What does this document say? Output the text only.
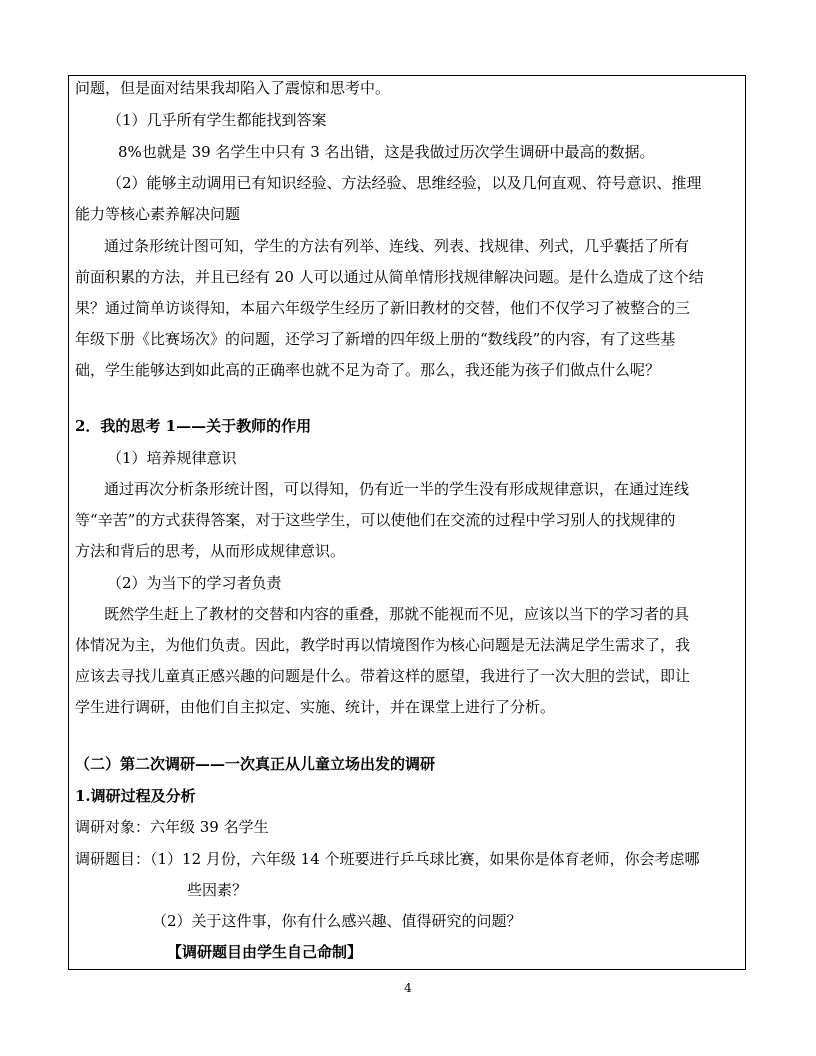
问题，但是面对结果我却陷入了震惊和思考中。
（1）几乎所有学生都能找到答案
8%也就是 39 名学生中只有 3 名出错，这是我做过历次学生调研中最高的数据。
（2）能够主动调用已有知识经验、方法经验、思维经验，以及几何直观、符号意识、推理
能力等核心素养解决问题
通过条形统计图可知，学生的方法有列举、连线、列表、找规律、列式，几乎囊括了所有
前面积累的方法，并且已经有 20 人可以通过从简单情形找规律解决问题。是什么造成了这个结
果？通过简单访谈得知，本届六年级学生经历了新旧教材的交替，他们不仅学习了被整合的三
年级下册《比赛场次》的问题，还学习了新增的四年级上册的“数线段”的内容，有了这些基
础，学生能够达到如此高的正确率也就不足为奇了。那么，我还能为孩子们做点什么呢？
2．我的思考 1——关于教师的作用
（1）培养规律意识
通过再次分析条形统计图，可以得知，仍有近一半的学生没有形成规律意识，在通过连线
等“辛苦”的方式获得答案，对于这些学生，可以使他们在交流的过程中学习别人的找规律的
方法和背后的思考，从而形成规律意识。
（2）为当下的学习者负责
既然学生赶上了教材的交替和内容的重叠，那就不能视而不见，应该以当下的学习者的具
体情况为主，为他们负责。因此，教学时再以情境图作为核心问题是无法满足学生需求了，我
应该去寻找儿童真正感兴趣的问题是什么。带着这样的愿望，我进行了一次大胆的尝试，即让
学生进行调研，由他们自主拟定、实施、统计，并在课堂上进行了分析。
（二）第二次调研——一次真正从儿童立场出发的调研
1.调研过程及分析
调研对象：六年级 39 名学生
调研题目：（1）12 月份，六年级 14 个班要进行乒乓球比赛，如果你是体育老师，你会考虑哪
些因素？
（2）关于这件事，你有什么感兴趣、值得研究的问题？
【调研题目由学生自己命制】
4
